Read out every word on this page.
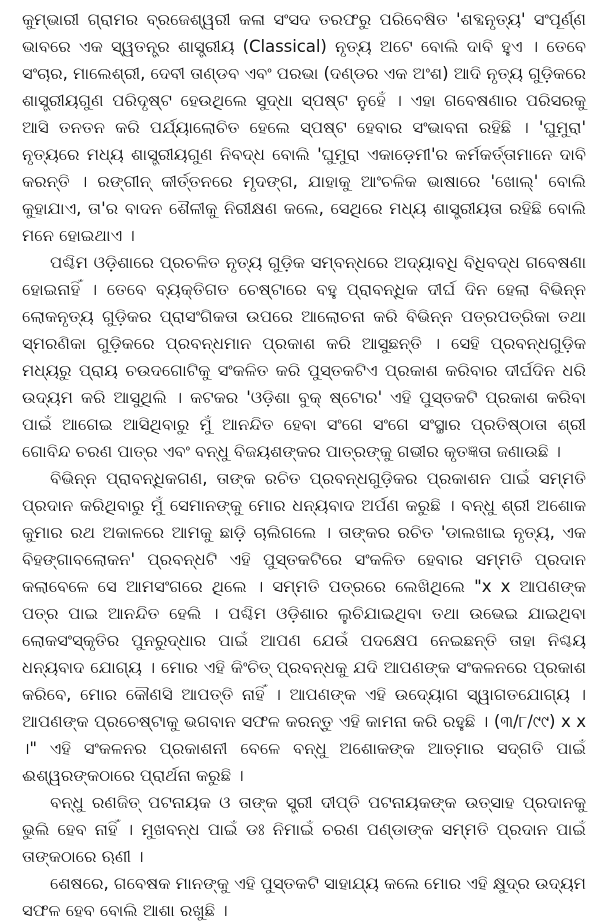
କୁମ୍ଭାରୀ ଗ୍ରାମର ବ୍ରଜେଶ୍ୱରୀ କଳା ସଂସଦ ତରଫରୁ ପରିବେଷିତ 'ଶବ୍ଦନୃତ୍ୟ' ସଂପୂର୍ଣ୍ଣ ଭାବରେ ଏକ ସ୍ୱତନ୍ତ୍ର ଶାସ୍ତ୍ରୀୟ (Classical) ନୃତ୍ୟ ଅଟେ ବୋଲି ଦାବି ହୁଏ । ତେବେ ସଂଚାର, ମାଲେଶ୍ରୀ, ଦେବୀ ତାଣ୍ଡବ ଏବଂ ପରଭା (ଦଣ୍ଡର ଏକ ଅଂଶ) ଆଦି ନୃତ୍ୟ ଗୁଡ଼ିକରେ ଶାସ୍ତ୍ରୀୟଗୁଣ ପରିଦୃଷ୍ଟ ହେଉଥିଲେ ସୁଦ୍ଧା ସ୍ପଷ୍ଟ ନୁହେଁ । ଏହା ଗବେଷଣାର ପରିସରକୁ ଆସି ତନତନ କରି ପର୍ଯ୍ୟାଲୋଚିତ ହେଲେ ସ୍ପଷ୍ଟ ହେବାର ସଂଭାବନା ରହିଛି । 'ଘୁମୁରା' ନୃତ୍ୟରେ ମଧ୍ୟ ଶାସ୍ତ୍ରୀୟଗୁଣ ନିବଦ୍ଧ ବୋଲି 'ଘୁମୁରା ଏକାଡ଼େମୀ'ର କର୍ମକର୍ତ୍ତାମାନେ ଦାବି କରନ୍ତି । ରଙ୍ଗୀନ୍ କୀର୍ତ୍ତନରେ ମୃଦଙ୍ଗ, ଯାହାକୁ ଆଂଚଳିକ ଭାଷାରେ 'ଖୋଲ୍' ବୋଲି କୁହାଯାଏ, ତା'ର ବାଦନ ଶୈଳୀକୁ ନିରୀକ୍ଷଣ କଲେ, ସେଥିରେ ମଧ୍ୟ ଶାସ୍ତ୍ରୀୟତା ରହିଛି ବୋଲି ମନେ ହୋଇଥାଏ ।

ପଶ୍ଚିମ ଓଡ଼ିଶାରେ ପ୍ରଚଳିତ ନୃତ୍ୟ ଗୁଡ଼ିକ ସମ୍ବନ୍ଧରେ ଅଦ୍ୟାବଧି ବିଧିବଦ୍ଧ ଗବେଷଣା ହୋଇନାହିଁ । ତେବେ ବ୍ୟକ୍ତିଗତ ଚେଷ୍ଟାରେ ବହୁ ପ୍ରାବନ୍ଧିକ ଦୀର୍ଘ ଦିନ ହେଲା ବିଭିନ୍ନ ଲୋକନୃତ୍ୟ ଗୁଡ଼ିକର ପ୍ରାସଂଗିକତା ଉପରେ ଆଲୋଚନା କରି ବିଭିନ୍ନ ପତ୍ରପତ୍ରିକା ତଥା ସ୍ମରଣିକା ଗୁଡ଼ିକରେ ପ୍ରବନ୍ଧମାନ ପ୍ରକାଶ କରି ଆସୁଛନ୍ତି । ସେହି ପ୍ରବନ୍ଧଗୁଡ଼ିକ ମଧ୍ୟରୁ ପ୍ରାୟ ଚଉଦଗୋଟିକୁ ସଂକଳିତ କରି ପୁସ୍ତକଟିଏ ପ୍ରକାଶ କରିବାର ଦୀର୍ଘଦିନ ଧରି ଉଦ୍ୟମ କରି ଆସୁଥିଲି । କଟକର 'ଓଡ଼ିଶା ବୁକ୍ ଷ୍ଟୋର' ଏହି ପୁସ୍ତକଟି ପ୍ରକାଶ କରିବା ପାଇଁ ଆଗେଇ ଆସିଥିବାରୁ ମୁଁ ଆନନ୍ଦିତ ହେବା ସଂଗେ ସଂଗେ ସଂସ୍ଥାର ପ୍ରତିଷ୍ଠାତା ଶ୍ରୀ ଗୋବିନ୍ଦ ଚରଣ ପାତ୍ର ଏବଂ ବନ୍ଧୁ ବିଜୟଶଙ୍କର ପାତ୍ରଙ୍କୁ ଗଭୀର କୃତଜ୍ଞତା ଜଣାଉଛି ।

ବିଭିନ୍ନ ପ୍ରାବନ୍ଧିକଗଣ, ତାଙ୍କ ରଚିତ ପ୍ରବନ୍ଧଗୁଡ଼ିକର ପ୍ରକାଶନ ପାଇଁ ସମ୍ମତି ପ୍ରଦାନ କରିଥିବାରୁ ମୁଁ ସେମାନଙ୍କୁ ମୋର ଧନ୍ୟବାଦ ଅର୍ପଣ କରୁଛି । ବନ୍ଧୁ ଶ୍ରୀ ଅଶୋକ କୁମାର ରଥ ଅକାଳରେ ଆମକୁ ଛାଡ଼ି ଚାଲିଗଲେ । ତାଙ୍କର ରଚିତ 'ଡାଲଖାଇ ନୃତ୍ୟ, ଏକ ବିହଙ୍ଗାବଲୋକନ' ପ୍ରବନ୍ଧଟି ଏହି ପୁସ୍ତକଟିରେ ସଂକଳିତ ହେବାର ସମ୍ମତି ପ୍ରଦାନ କଲାବେଳେ ସେ ଆମସଂଗରେ ଥିଲେ । ସମ୍ମତି ପତ୍ରରେ ଲେଖିଥିଲେ "x x ଆପଣଙ୍କ ପତ୍ର ପାଇ ଆନନ୍ଦିତ ହେଲି । ପଶ୍ଚିମ ଓଡ଼ିଶାର ଲୁଚିଯାଇଥିବା ତଥା ଉଭେଇ ଯାଇଥିବା ଲୋକସଂସ୍କୃତିର ପୁନରୁଦ୍ଧାର ପାଇଁ ଆପଣ ଯେଉଁ ପଦକ୍ଷେପ ନେଇଛନ୍ତି ତାହା ନିଶ୍ଚୟ ଧନ୍ୟବାଦ ଯୋଗ୍ୟ । ମୋର ଏହି କିଂଚିତ୍ ପ୍ରବନ୍ଧକୁ ଯଦି ଆପଣଙ୍କ ସଂକଳନରେ ପ୍ରକାଶ କରିବେ, ମୋର କୌଣସି ଆପତ୍ତି ନାହିଁ । ଆପଣଙ୍କ ଏହି ଉଦ୍ୟୋଗ ସ୍ୱାଗତଯୋଗ୍ୟ । ଆପଣଙ୍କ ପ୍ରଚେଷ୍ଟାକୁ ଭଗବାନ ସଫଳ କରନ୍ତୁ ଏହି କାମନା କରି ରହୁଛି । (୩/୮/୯୯) x x ।" ଏହି ସଂକଳନର ପ୍ରକାଶନୀ ବେଳେ ବନ୍ଧୁ ଅଶୋକଙ୍କ ଆତ୍ମାର ସଦ୍‌ଗତି ପାଇଁ ଈଶ୍ୱରଙ୍କଠାରେ ପ୍ରାର୍ଥନା କରୁଛି ।

ବନ୍ଧୁ ରଣଜିତ୍ ପଟନାୟକ ଓ ତାଙ୍କ ସ୍ତ୍ରୀ ଦୀପ୍ତି ପଟନାୟକଙ୍କ ଉତ୍ସାହ ପ୍ରଦାନକୁ ଭୁଲି ହେବ ନାହିଁ । ମୁଖବନ୍ଧ ପାଇଁ ଡଃ ନିମାଇଁ ଚରଣ ପଣ୍ଡାଙ୍କ ସମ୍ମତି ପ୍ରଦାନ ପାଇଁ ତାଙ୍କଠାରେ ଋଣୀ ।

ଶେଷରେ, ଗବେଷକ ମାନଙ୍କୁ ଏହି ପୁସ୍ତକଟି ସାହାଯ୍ୟ କଲେ ମୋର ଏହି କ୍ଷୁଦ୍ର ଉଦ୍ୟମ ସଫଳ ହେବ ବୋଲି ଆଶା ରଖୁଛି ।
